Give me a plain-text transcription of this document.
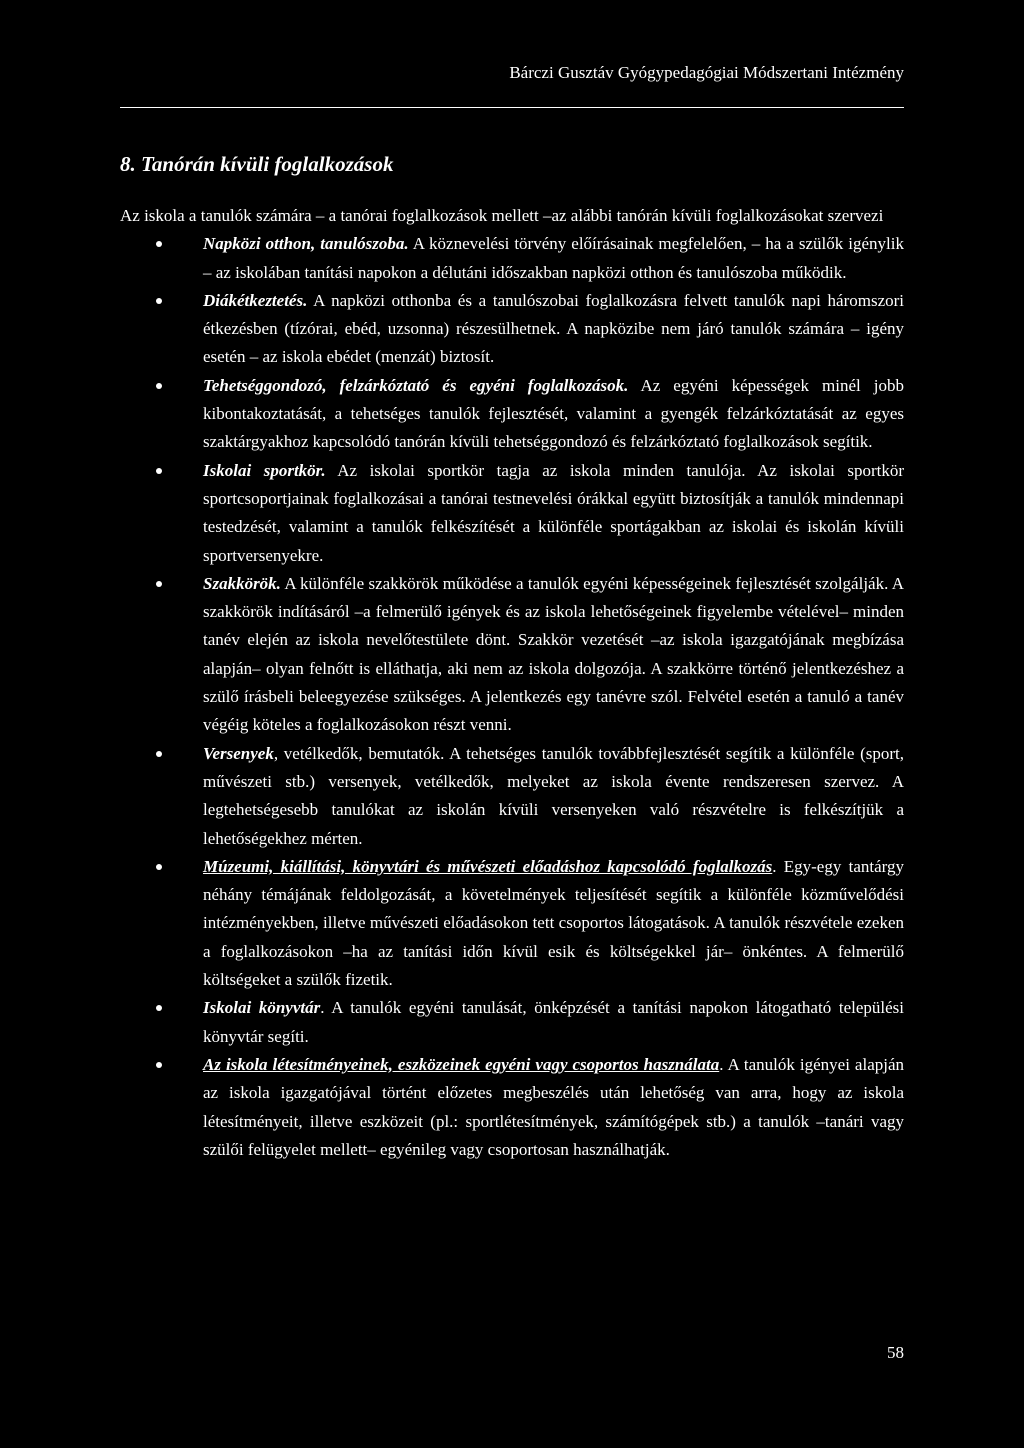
Bárczi Gusztáv Gyógypedagógiai Módszertani Intézmény
8. Tanórán kívüli foglalkozások

Az iskola a tanulók számára – a tanórai foglalkozások mellett –az alábbi tanórán kívüli foglalkozásokat szervezi

Napközi otthon, tanulószoba. A köznevelési törvény előírásainak megfelelően, – ha a szülők igénylik – az iskolában tanítási napokon a délutáni időszakban napközi otthon és tanulószoba működik.
Diákétkeztetés. A napközi otthonba és a tanulószobai foglalkozásra felvett tanulók napi háromszori étkezésben (tízórai, ebéd, uzsonna) részesülhetnek. A napközibe nem járó tanulók számára – igény esetén – az iskola ebédet (menzát) biztosít.
Tehetséggondozó, felzárkóztató és egyéni foglalkozások. Az egyéni képességek minél jobb kibontakoztatását, a tehetséges tanulók fejlesztését, valamint a gyengék felzárkóztatását az egyes szaktárgyakhoz kapcsolódó tanórán kívüli tehetséggondozó és felzárkóztató foglalkozások segítik.
Iskolai sportkör. Az iskolai sportkör tagja az iskola minden tanulója. Az iskolai sportkör sportcsoportjainak foglalkozásai a tanórai testnevelési órákkal együtt biztosítják a tanulók mindennapi testedzését, valamint a tanulók felkészítését a különféle sportágakban az iskolai és iskolán kívüli sportversenyekre.
Szakkörök. A különféle szakkörök működése a tanulók egyéni képességeinek fejlesztését szolgálják. A szakkörök indításáról –a felmerülő igények és az iskola lehetőségeinek figyelembe vételével– minden tanév elején az iskola nevelőtestülete dönt. Szakkör vezetését –az iskola igazgatójának megbízása alapján– olyan felnőtt is elláthatja, aki nem az iskola dolgozója. A szakkörre történő jelentkezéshez a szülő írásbeli beleegyezése szükséges. A jelentkezés egy tanévre szól. Felvétel esetén a tanuló a tanév végéig köteles a foglalkozásokon részt venni.
Versenyek, vetélkedők, bemutatók. A tehetséges tanulók továbbfejlesztését segítik a különféle (sport, művészeti stb.) versenyek, vetélkedők, melyeket az iskola évente rendszeresen szervez. A legtehetségesebb tanulókat az iskolán kívüli versenyeken való részvételre is felkészítjük a lehetőségekhez mérten.
Múzeumi, kiállítási, könyvtári és művészeti előadáshoz kapcsolódó foglalkozás. Egy-egy tantárgy néhány témájának feldolgozását, a követelmények teljesítését segítik a különféle közművelődési intézményekben, illetve művészeti előadásokon tett csoportos látogatások. A tanulók részvétele ezeken a foglalkozásokon –ha az tanítási időn kívül esik és költségekkel jár– önkéntes. A felmerülő költségeket a szülők fizetik.
Iskolai könyvtár. A tanulók egyéni tanulását, önképzését a tanítási napokon látogatható települési könyvtár segíti.
Az iskola létesítményeinek, eszközeinek egyéni vagy csoportos használata. A tanulók igényei alapján az iskola igazgatójával történt előzetes megbeszélés után lehetőség van arra, hogy az iskola létesítményeit, illetve eszközeit (pl.: sportlétesítmények, számítógépek stb.) a tanulók –tanári vagy szülői felügyelet mellett– egyénileg vagy csoportosan használhatják.
58
